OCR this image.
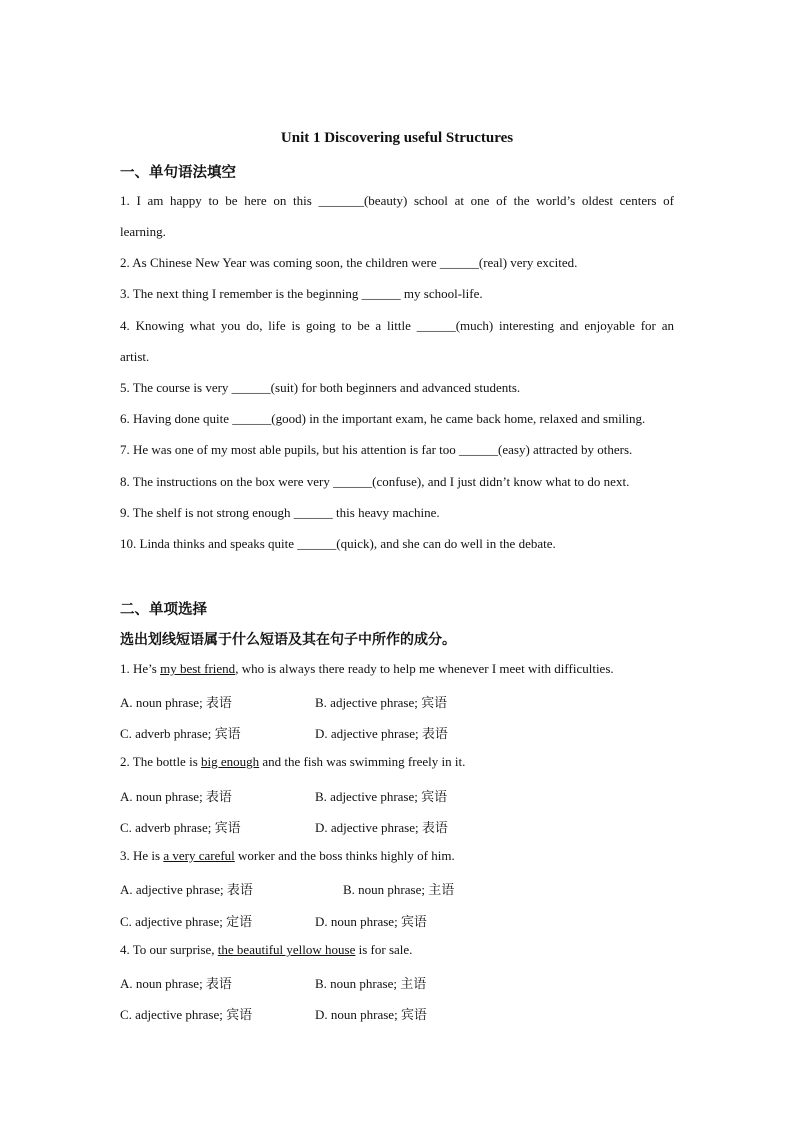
Unit 1 Discovering useful Structures
一、单句语法填空
1. I am happy to be here on this _______(beauty) school at one of the world’s oldest centers of
learning.
2. As Chinese New Year was coming soon, the children were ______(real) very excited.
3. The next thing I remember is the beginning ______ my school-life.
4. Knowing what you do, life is going to be a little ______(much) interesting and enjoyable for an
artist.
5. The course is very ______(suit) for both beginners and advanced students.
6. Having done quite ______(good) in the important exam, he came back home, relaxed and smiling.
7. He was one of my most able pupils, but his attention is far too ______(easy) attracted by others.
8. The instructions on the box were very ______(confuse), and I just didn’t know what to do next.
9. The shelf is not strong enough ______ this heavy machine.
10. Linda thinks and speaks quite ______(quick), and she can do well in the debate.
二、单项选择
选出划线短语属于什么短语及其在句子中所作的成分。
1. He’s my best friend, who is always there ready to help me whenever I meet with difficulties.
A. noun phrase; 表语	B. adjective phrase; 宾语
C. adverb phrase; 宾语	D. adjective phrase; 表语
2. The bottle is big enough and the fish was swimming freely in it.
A. noun phrase; 表语	B. adjective phrase; 宾语
C. adverb phrase; 宾语	D. adjective phrase; 表语
3. He is a very careful worker and the boss thinks highly of him.
A. adjective phrase; 表语	B. noun phrase; 主语
C. adjective phrase; 定语	D. noun phrase; 宾语
4. To our surprise, the beautiful yellow house is for sale.
A. noun phrase; 表语	B. noun phrase; 主语
C. adjective phrase; 宾语	D. noun phrase; 宾语
